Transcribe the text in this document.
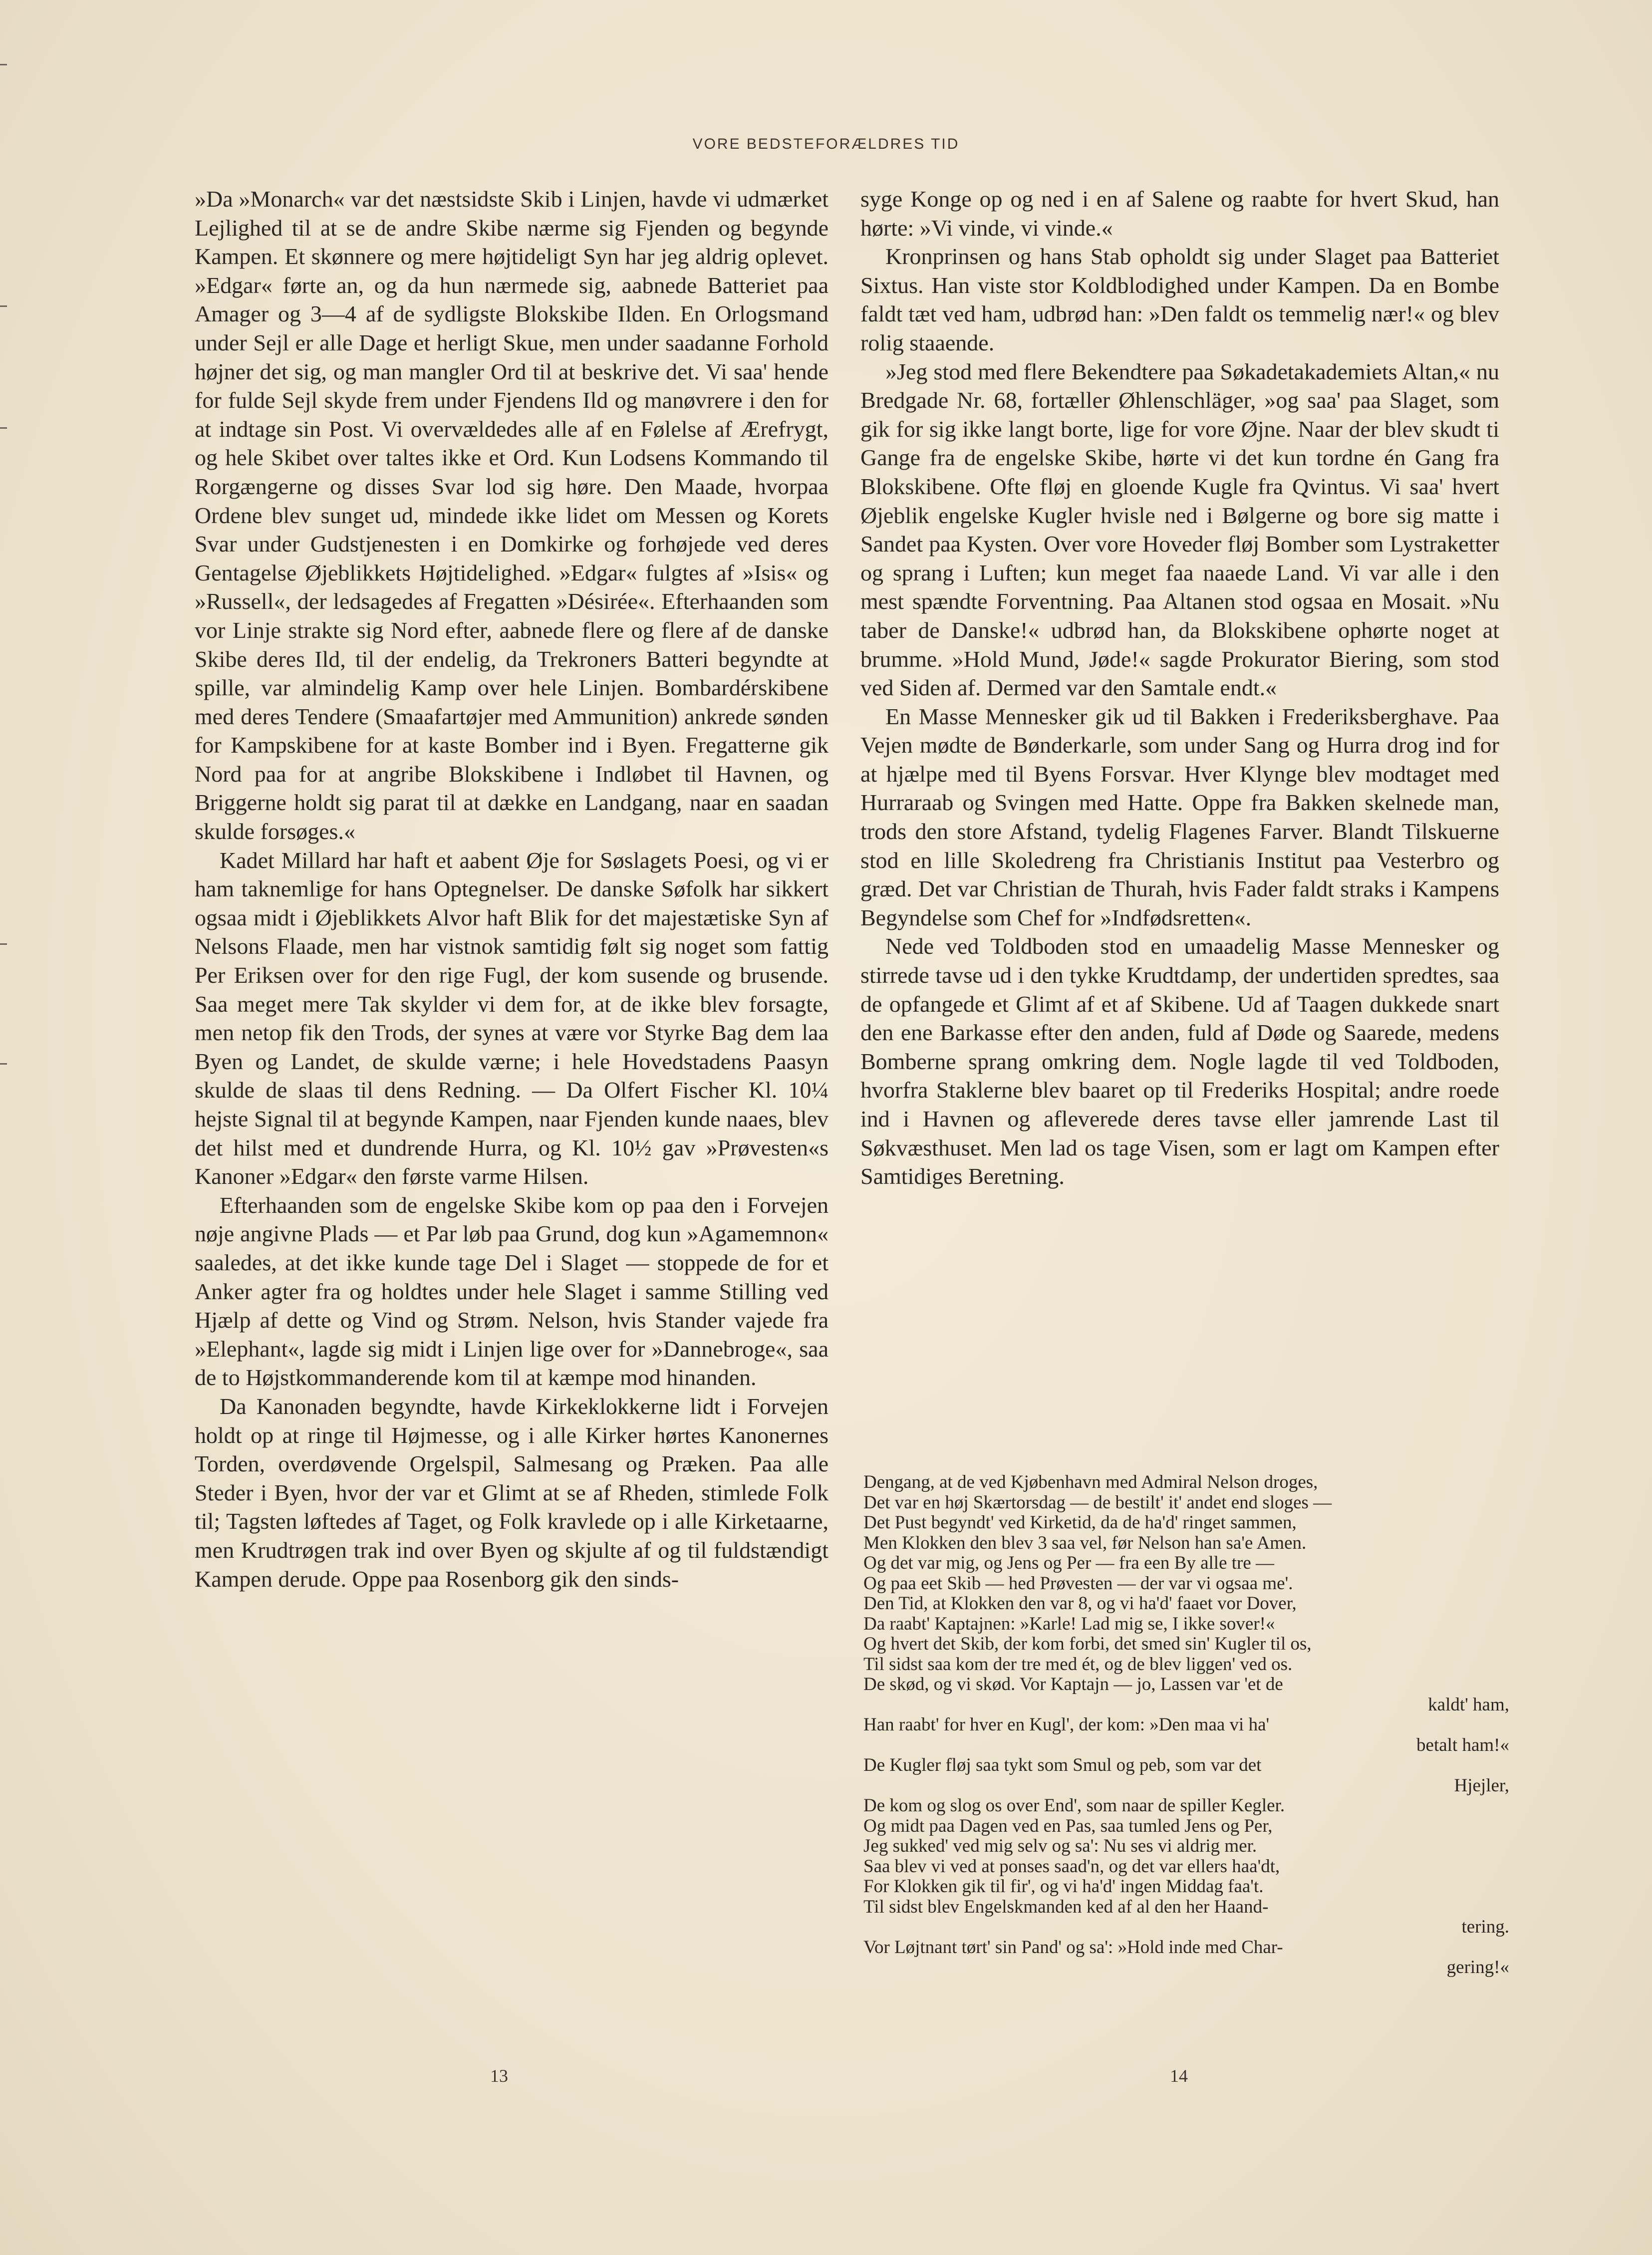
VORE BEDSTEFORÆLDRES TID

»Da »Monarch« var det næstsidste Skib i Linjen, havde vi udmærket Lejlighed til at se de andre Skibe nærme sig Fjenden og begynde Kampen. Et skønnere og mere højtideligt Syn har jeg aldrig oplevet. »Edgar« førte an, og da hun nærmede sig, aabnede Batteriet paa Amager og 3—4 af de sydligste Blokskibe Ilden. En Orlogsmand under Sejl er alle Dage et herligt Skue, men under saadanne Forhold højner det sig, og man mangler Ord til at beskrive det. Vi saa' hende for fulde Sejl skyde frem under Fjendens Ild og manøvrere i den for at indtage sin Post. Vi overvældedes alle af en Følelse af Ærefrygt, og hele Skibet over taltes ikke et Ord. Kun Lodsens Kommando til Rorgængerne og disses Svar lod sig høre. Den Maade, hvorpaa Ordene blev sunget ud, mindede ikke lidet om Messen og Korets Svar under Gudstjenesten i en Domkirke og forhøjede ved deres Gentagelse Øjeblikkets Højtidelighed. »Edgar« fulgtes af »Isis« og »Russell«, der ledsagedes af Fregatten »Désirée«. Efterhaanden som vor Linje strakte sig Nord efter, aabnede flere og flere af de danske Skibe deres Ild, til der endelig, da Trekroners Batteri begyndte at spille, var almindelig Kamp over hele Linjen. Bombardérskibene med deres Tendere (Smaafartøjer med Ammunition) ankrede sønden for Kampskibene for at kaste Bomber ind i Byen. Fregatterne gik Nord paa for at angribe Blokskibene i Indløbet til Havnen, og Briggerne holdt sig parat til at dække en Landgang, naar en saadan skulde forsøges.«

Kadet Millard har haft et aabent Øje for Søslagets Poesi, og vi er ham taknemlige for hans Optegnelser. De danske Søfolk har sikkert ogsaa midt i Øjeblikkets Alvor haft Blik for det majestætiske Syn af Nelsons Flaade, men har vistnok samtidig følt sig noget som fattig Per Eriksen over for den rige Fugl, der kom susende og brusende. Saa meget mere Tak skylder vi dem for, at de ikke blev forsagte, men netop fik den Trods, der synes at være vor Styrke Bag dem laa Byen og Landet, de skulde værne; i hele Hovedstadens Paasyn skulde de slaas til dens Redning. — Da Olfert Fischer Kl. 10¼ hejste Signal til at begynde Kampen, naar Fjenden kunde naaes, blev det hilst med et dundrende Hurra, og Kl. 10½ gav »Prøvesten«s Kanoner »Edgar« den første varme Hilsen.

Efterhaanden som de engelske Skibe kom op paa den i Forvejen nøje angivne Plads — et Par løb paa Grund, dog kun »Agamemnon« saaledes, at det ikke kunde tage Del i Slaget — stoppede de for et Anker agter fra og holdtes under hele Slaget i samme Stilling ved Hjælp af dette og Vind og Strøm. Nelson, hvis Stander vajede fra »Elephant«, lagde sig midt i Linjen lige over for »Dannebroge«, saa de to Højstkommanderende kom til at kæmpe mod hinanden.

Da Kanonaden begyndte, havde Kirkeklokkerne lidt i Forvejen holdt op at ringe til Højmesse, og i alle Kirker hørtes Kanonernes Torden, overdøvende Orgelspil, Salmesang og Præken. Paa alle Steder i Byen, hvor der var et Glimt at se af Rheden, stimlede Folk til; Tagsten løftedes af Taget, og Folk kravlede op i alle Kirketaarne, men Krudtrøgen trak ind over Byen og skjulte af og til fuldstændigt Kampen derude. Oppe paa Rosenborg gik den sinds-

syge Konge op og ned i en af Salene og raabte for hvert Skud, han hørte: »Vi vinde, vi vinde.«

Kronprinsen og hans Stab opholdt sig under Slaget paa Batteriet Sixtus. Han viste stor Koldblodighed under Kampen. Da en Bombe faldt tæt ved ham, udbrød han: »Den faldt os temmelig nær!« og blev rolig staaende.

»Jeg stod med flere Bekendtere paa Søkadetakademiets Altan,« nu Bredgade Nr. 68, fortæller Øhlenschläger, »og saa' paa Slaget, som gik for sig ikke langt borte, lige for vore Øjne. Naar der blev skudt ti Gange fra de engelske Skibe, hørte vi det kun tordne én Gang fra Blokskibene. Ofte fløj en gloende Kugle fra Qvintus. Vi saa' hvert Øjeblik engelske Kugler hvisle ned i Bølgerne og bore sig matte i Sandet paa Kysten. Over vore Hoveder fløj Bomber som Lystraketter og sprang i Luften; kun meget faa naaede Land. Vi var alle i den mest spændte Forventning. Paa Altanen stod ogsaa en Mosait. »Nu taber de Danske!« udbrød han, da Blokskibene ophørte noget at brumme. »Hold Mund, Jøde!« sagde Prokurator Biering, som stod ved Siden af. Dermed var den Samtale endt.«

En Masse Mennesker gik ud til Bakken i Frederiksberghave. Paa Vejen mødte de Bønderkarle, som under Sang og Hurra drog ind for at hjælpe med til Byens Forsvar. Hver Klynge blev modtaget med Hurraraab og Svingen med Hatte. Oppe fra Bakken skelnede man, trods den store Afstand, tydelig Flagenes Farver. Blandt Tilskuerne stod en lille Skoledreng fra Christianis Institut paa Vesterbro og græd. Det var Christian de Thurah, hvis Fader faldt straks i Kampens Begyndelse som Chef for »Indfødsretten«.

Nede ved Toldboden stod en umaadelig Masse Mennesker og stirrede tavse ud i den tykke Krudtdamp, der undertiden spredtes, saa de opfangede et Glimt af et af Skibene. Ud af Taagen dukkede snart den ene Barkasse efter den anden, fuld af Døde og Saarede, medens Bomberne sprang omkring dem. Nogle lagde til ved Toldboden, hvorfra Staklerne blev baaret op til Frederiks Hospital; andre roede ind i Havnen og afleverede deres tavse eller jamrende Last til Søkvæsthuset. Men lad os tage Visen, som er lagt om Kampen efter Samtidiges Beretning.

Dengang, at de ved Kjøbenhavn med Admiral Nelson droges,
Det var en høj Skærtorsdag — de bestilt' it' andet end sloges —
Det Pust begyndt' ved Kirketid, da de ha'd' ringet sammen,
Men Klokken den blev 3 saa vel, før Nelson han sa'e Amen.
Og det var mig, og Jens og Per — fra een By alle tre —
Og paa eet Skib — hed Prøvesten — der var vi ogsaa me'.
Den Tid, at Klokken den var 8, og vi ha'd' faaet vor Dover,
Da raabt' Kaptajnen: »Karle! Lad mig se, I ikke sover!«
Og hvert det Skib, der kom forbi, det smed sin' Kugler til os,
Til sidst saa kom der tre med ét, og de blev liggen' ved os.
De skød, og vi skød. Vor Kaptajn — jo, Lassen var 'et de
kaldt' ham,
Han raabt' for hver en Kugl', der kom: »Den maa vi ha'
betalt ham!«
De Kugler fløj saa tykt som Smul og peb, som var det
Hjejler,
De kom og slog os over End', som naar de spiller Kegler.
Og midt paa Dagen ved en Pas, saa tumled Jens og Per,
Jeg sukked' ved mig selv og sa': Nu ses vi aldrig mer.
Saa blev vi ved at ponses saad'n, og det var ellers haa'dt,
For Klokken gik til fir', og vi ha'd' ingen Middag faa't.
Til sidst blev Engelskmanden ked af al den her Haand-
tering.
Vor Løjtnant tørt' sin Pand' og sa': »Hold inde med Char-
gering!«
13	14
